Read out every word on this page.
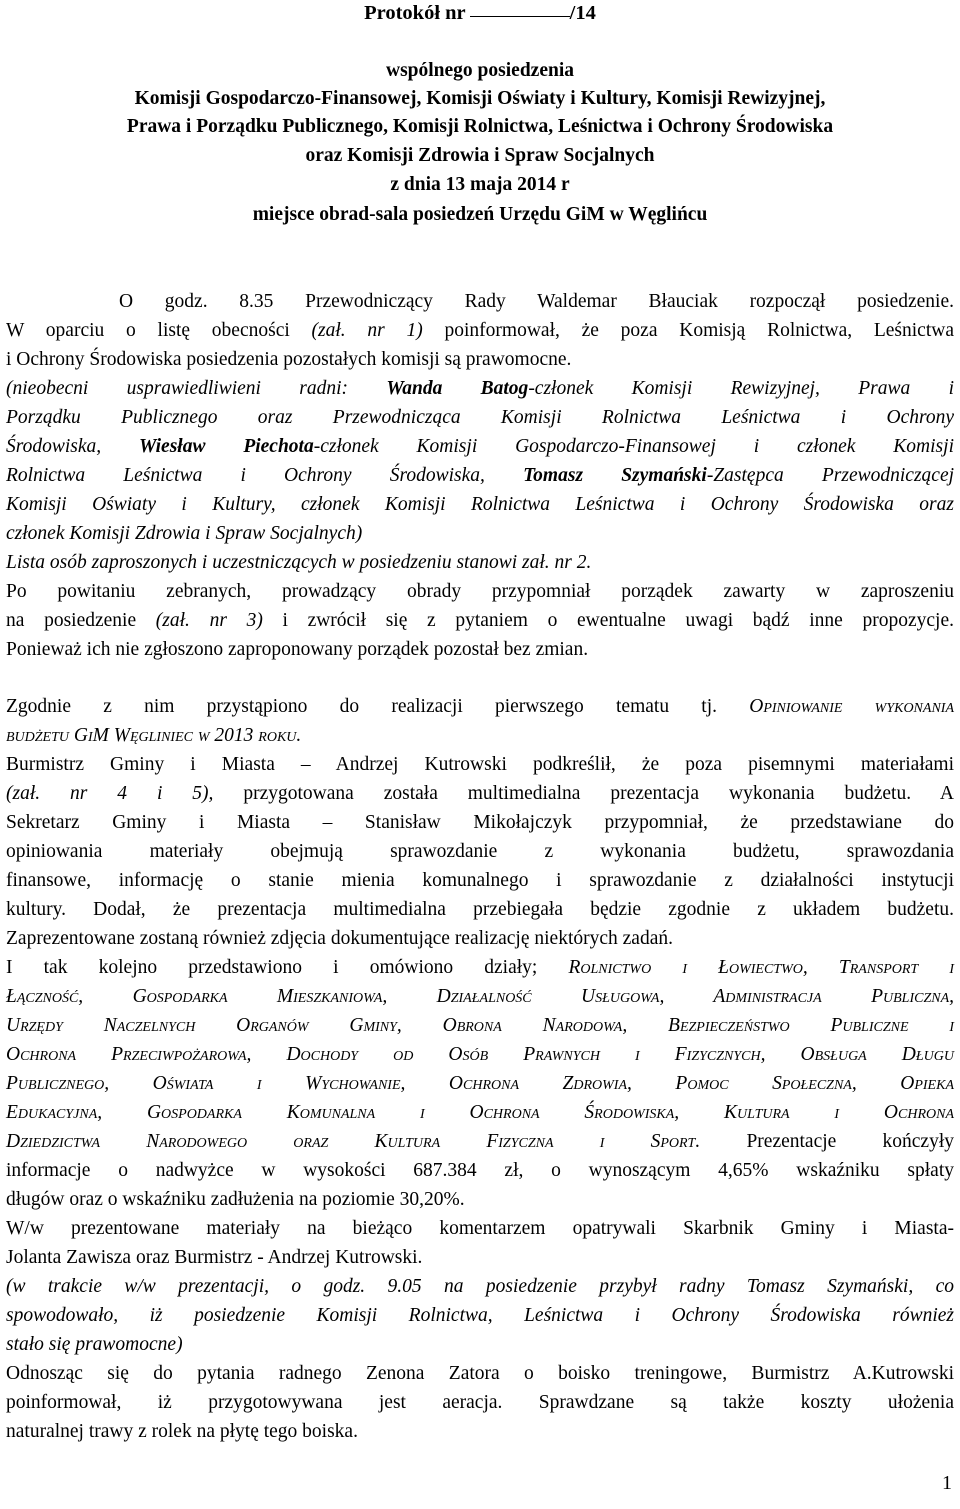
Protokół nr	/14
wspólnego posiedzenia
Komisji Gospodarczo-Finansowej, Komisji Oświaty i Kultury, Komisji Rewizyjnej,
Prawa i Porządku Publicznego, Komisji Rolnictwa, Leśnictwa i Ochrony Środowiska
oraz Komisji Zdrowia i Spraw Socjalnych
z dnia 13 maja 2014 r
miejsce obrad-sala posiedzeń Urzędu GiM w Węglińcu
O godz. 8.35 Przewodniczący Rady Waldemar Błauciak rozpoczął posiedzenie.
W oparciu o listę obecności (zał. nr 1) poinformował, że poza Komisją Rolnictwa, Leśnictwa
i Ochrony Środowiska posiedzenia pozostałych komisji są prawomocne.
(nieobecni usprawiedliwieni radni: Wanda Batog-członek Komisji Rewizyjnej, Prawa i
Porządku Publicznego oraz Przewodnicząca Komisji Rolnictwa Leśnictwa i Ochrony
Środowiska, Wiesław Piechota-członek Komisji Gospodarczo-Finansowej i członek Komisji
Rolnictwa Leśnictwa i Ochrony Środowiska, Tomasz Szymański-Zastępca Przewodniczącej
Komisji Oświaty i Kultury, członek Komisji Rolnictwa Leśnictwa i Ochrony Środowiska oraz
członek Komisji Zdrowia i Spraw Socjalnych)
Lista osób zaproszonych i uczestniczących w posiedzeniu stanowi zał. nr 2.
Po powitaniu zebranych, prowadzący obrady przypomniał porządek zawarty w zaproszeniu
na posiedzenie (zał. nr 3) i zwrócił się z pytaniem o ewentualne uwagi bądź inne propozycje.
Ponieważ ich nie zgłoszono zaproponowany porządek pozostał bez zmian.
Zgodnie z nim przystąpiono do realizacji pierwszego tematu tj. Opiniowanie wykonania
budżetu GiM Węgliniec w 2013 roku.
Burmistrz Gminy i Miasta – Andrzej Kutrowski podkreślił, że poza pisemnymi materiałami
(zał. nr 4 i 5), przygotowana została multimedialna prezentacja wykonania budżetu. A
Sekretarz Gminy i Miasta – Stanisław Mikołajczyk przypomniał, że przedstawiane do
opiniowania materiały obejmują sprawozdanie z wykonania budżetu, sprawozdania
finansowe, informację o stanie mienia komunalnego i sprawozdanie z działalności instytucji
kultury. Dodał, że prezentacja multimedialna przebiegała będzie zgodnie z układem budżetu.
Zaprezentowane zostaną również zdjęcia dokumentujące realizację niektórych zadań.
I tak kolejno przedstawiono i omówiono działy; Rolnictwo i Łowiectwo, Transport i
Łączność, Gospodarka Mieszkaniowa, Działalność Usługowa, Administracja Publiczna,
Urzędy Naczelnych Organów Gminy, Obrona Narodowa, Bezpieczeństwo Publiczne i
Ochrona Przeciwpożarowa, Dochody od Osób Prawnych i Fizycznych, Obsługa Długu
Publicznego, Oświata i Wychowanie, Ochrona Zdrowia, Pomoc Społeczna, Opieka
Edukacyjna, Gospodarka Komunalna i Ochrona Środowiska, Kultura i Ochrona
Dziedzictwa Narodowego oraz Kultura Fizyczna i Sport. Prezentacje kończyły
informacje o nadwyżce w wysokości 687.384 zł, o wynoszącym 4,65% wskaźniku spłaty
długów oraz o wskaźniku zadłużenia na poziomie 30,20%.
W/w prezentowane materiały na bieżąco komentarzem opatrywali Skarbnik Gminy i Miasta-
Jolanta Zawisza oraz Burmistrz - Andrzej Kutrowski.
(w trakcie w/w prezentacji, o godz. 9.05 na posiedzenie przybył radny Tomasz Szymański, co
spowodowało, iż posiedzenie Komisji Rolnictwa, Leśnictwa i Ochrony Środowiska również
stało się prawomocne)
Odnosząc się do pytania radnego Zenona Zatora o boisko treningowe, Burmistrz A.Kutrowski
poinformował, iż przygotowywana jest aeracja. Sprawdzane są także koszty ułożenia
naturalnej trawy z rolek na płytę tego boiska.
1
